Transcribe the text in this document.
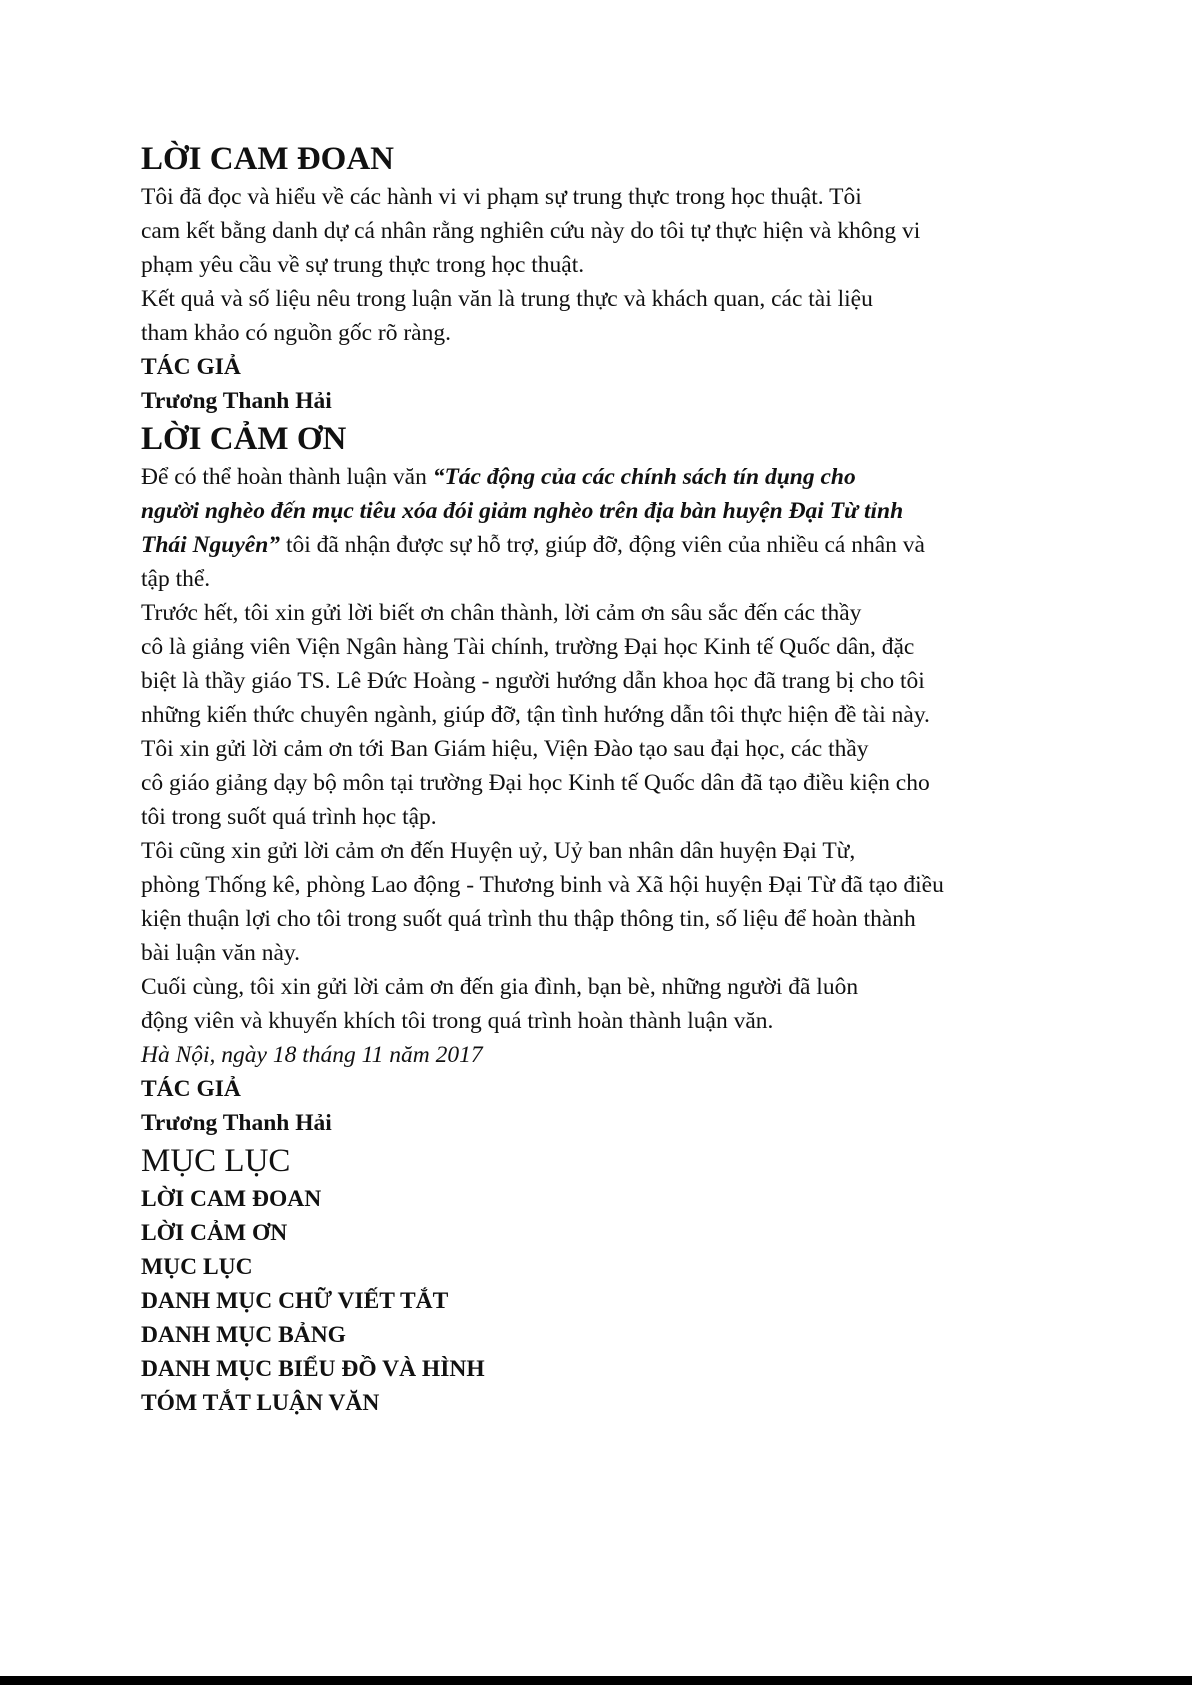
LỜI CAM ĐOAN

Tôi đã đọc và hiểu về các hành vi vi phạm sự trung thực trong học thuật. Tôi

cam kết bằng danh dự cá nhân rằng nghiên cứu này do tôi tự thực hiện và không vi

phạm yêu cầu về sự trung thực trong học thuật.

Kết quả và số liệu nêu trong luận văn là trung thực và khách quan, các tài liệu

tham khảo có nguồn gốc rõ ràng.

TÁC GIẢ

Trương Thanh Hải

LỜI CẢM ƠN

Để có thể hoàn thành luận văn “Tác động của các chính sách tín dụng cho

người nghèo đến mục tiêu xóa đói giảm nghèo trên địa bàn huyện Đại Từ tỉnh

Thái Nguyên” tôi đã nhận được sự hỗ trợ, giúp đỡ, động viên của nhiều cá nhân và

tập thể.

Trước hết, tôi xin gửi lời biết ơn chân thành, lời cảm ơn sâu sắc đến các thầy

cô là giảng viên Viện Ngân hàng Tài chính, trường Đại học Kinh tế Quốc dân, đặc

biệt là thầy giáo TS. Lê Đức Hoàng - người hướng dẫn khoa học đã trang bị cho tôi

những kiến thức chuyên ngành, giúp đỡ, tận tình hướng dẫn tôi thực hiện đề tài này.

Tôi xin gửi lời cảm ơn tới Ban Giám hiệu, Viện Đào tạo sau đại học, các thầy

cô giáo giảng dạy bộ môn tại trường Đại học Kinh tế Quốc dân đã tạo điều kiện cho

tôi trong suốt quá trình học tập.

Tôi cũng xin gửi lời cảm ơn đến Huyện uỷ, Uỷ ban nhân dân huyện Đại Từ,

phòng Thống kê, phòng Lao động - Thương binh và Xã hội huyện Đại Từ đã tạo điều

kiện thuận lợi cho tôi trong suốt quá trình thu thập thông tin, số liệu để hoàn thành

bài luận văn này.

Cuối cùng, tôi xin gửi lời cảm ơn đến gia đình, bạn bè, những người đã luôn

động viên và khuyến khích tôi trong quá trình hoàn thành luận văn.

Hà Nội, ngày 18 tháng 11 năm 2017

TÁC GIẢ

Trương Thanh Hải

MỤC LỤC

LỜI CAM ĐOAN

LỜI CẢM ƠN

MỤC LỤC

DANH MỤC CHỮ VIẾT TẮT

DANH MỤC BẢNG

DANH MỤC BIỂU ĐỒ VÀ HÌNH

TÓM TẮT LUẬN VĂN
